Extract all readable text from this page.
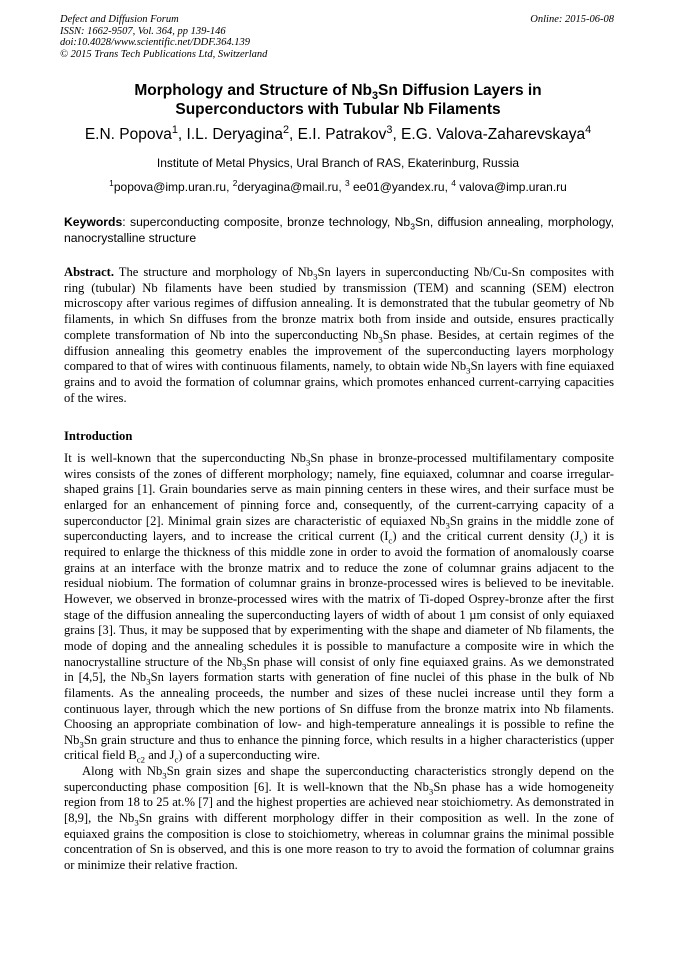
Defect and Diffusion Forum
ISSN: 1662-9507, Vol. 364, pp 139-146
doi:10.4028/www.scientific.net/DDF.364.139
© 2015 Trans Tech Publications Ltd, Switzerland
Online: 2015-06-08
Morphology and Structure of $Nb_3Sn$ Diffusion Layers in
Superconductors with Tubular Nb Filaments
E.N. Popova$^1$, I.L. Deryagina$^2$, E.I. Patrakov$^3$, E.G. Valova-Zaharevskaya$^4$
Institute of Metal Physics, Ural Branch of RAS, Ekaterinburg, Russia
$^1$popova@imp.uran.ru, $^2$deryagina@mail.ru, $^3$ ee01@yandex.ru, $^4$ valova@imp.uran.ru
Keywords: superconducting composite, bronze technology, $Nb_3Sn$, diffusion annealing, morphology, nanocrystalline structure
Abstract. The structure and morphology of $Nb_3Sn$ layers in superconducting Nb/Cu-Sn composites with ring (tubular) Nb filaments have been studied by transmission (TEM) and scanning (SEM) electron microscopy after various regimes of diffusion annealing. It is demonstrated that the tubular geometry of Nb filaments, in which Sn diffuses from the bronze matrix both from inside and outside, ensures practically complete transformation of Nb into the superconducting $Nb_3Sn$ phase. Besides, at certain regimes of the diffusion annealing this geometry enables the improvement of the superconducting layers morphology compared to that of wires with continuous filaments, namely, to obtain wide $Nb_3Sn$ layers with fine equiaxed grains and to avoid the formation of columnar grains, which promotes enhanced current-carrying capacities of the wires.
Introduction

It is well-known that the superconducting $Nb_3Sn$ phase in bronze-processed multifilamentary composite wires consists of the zones of different morphology; namely, fine equiaxed, columnar and coarse irregular-shaped grains [1]. Grain boundaries serve as main pinning centers in these wires, and their surface must be enlarged for an enhancement of pinning force and, consequently, of the current-carrying capacity of a superconductor [2]. Minimal grain sizes are characteristic of equiaxed $Nb_3Sn$ grains in the middle zone of superconducting layers, and to increase the critical current $(I_c)$ and the critical current density $(J_c)$ it is required to enlarge the thickness of this middle zone in order to avoid the formation of anomalously coarse grains at an interface with the bronze matrix and to reduce the zone of columnar grains adjacent to the residual niobium. The formation of columnar grains in bronze-processed wires is believed to be inevitable. However, we observed in bronze-processed wires with the matrix of Ti-doped Osprey-bronze after the first stage of the diffusion annealing the superconducting layers of width of about 1 µm consist of only equiaxed grains [3]. Thus, it may be supposed that by experimenting with the shape and diameter of Nb filaments, the mode of doping and the annealing schedules it is possible to manufacture a composite wire in which the nanocrystalline structure of the $Nb_3Sn$ phase will consist of only fine equiaxed grains. As we demonstrated in [4,5], the $Nb_3Sn$ layers formation starts with generation of fine nuclei of this phase in the bulk of Nb filaments. As the annealing proceeds, the number and sizes of these nuclei increase until they form a continuous layer, through which the new portions of Sn diffuse from the bronze matrix into Nb filaments. Choosing an appropriate combination of low- and high-temperature annealings it is possible to refine the $Nb_3Sn$ grain structure and thus to enhance the pinning force, which results in a higher characteristics (upper critical field $B_{c2}$ and $J_c$) of a superconducting wire.

Along with $Nb_3Sn$ grain sizes and shape the superconducting characteristics strongly depend on the superconducting phase composition [6]. It is well-known that the $Nb_3Sn$ phase has a wide homogeneity region from 18 to 25 at.% [7] and the highest properties are achieved near stoichiometry. As demonstrated in [8,9], the $Nb_3Sn$ grains with different morphology differ in their composition as well. In the zone of equiaxed grains the composition is close to stoichiometry, whereas in columnar grains the minimal possible concentration of Sn is observed, and this is one more reason to try to avoid the formation of columnar grains or minimize their relative fraction.
